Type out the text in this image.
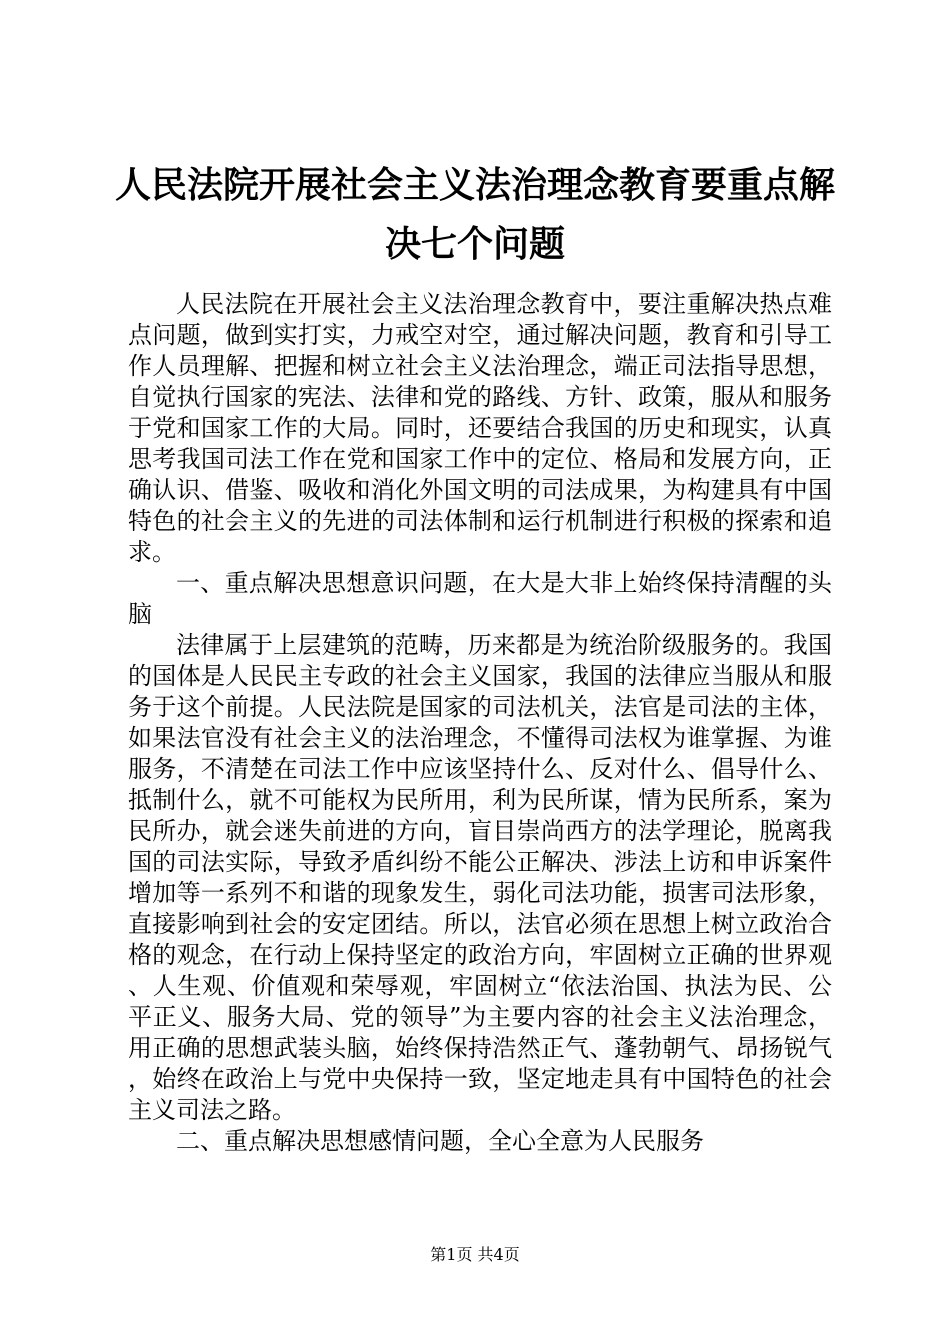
人民法院开展社会主义法治理念教育要重点解
决七个问题

人民法院在开展社会主义法治理念教育中，要注重解决热点难点问题，做到实打实，力戒空对空，通过解决问题，教育和引导工作人员理解、把握和树立社会主义法治理念，端正司法指导思想，自觉执行国家的宪法、法律和党的路线、方针、政策，服从和服务于党和国家工作的大局。同时，还要结合我国的历史和现实，认真思考我国司法工作在党和国家工作中的定位、格局和发展方向，正确认识、借鉴、吸收和消化外国文明的司法成果，为构建具有中国特色的社会主义的先进的司法体制和运行机制进行积极的探索和追求。

一、重点解决思想意识问题，在大是大非上始终保持清醒的头脑

法律属于上层建筑的范畴，历来都是为统治阶级服务的。我国的国体是人民民主专政的社会主义国家，我国的法律应当服从和服务于这个前提。人民法院是国家的司法机关，法官是司法的主体，如果法官没有社会主义的法治理念，不懂得司法权为谁掌握、为谁服务，不清楚在司法工作中应该坚持什么、反对什么、倡导什么、抵制什么，就不可能权为民所用，利为民所谋，情为民所系，案为民所办，就会迷失前进的方向，盲目崇尚西方的法学理论，脱离我国的司法实际，导致矛盾纠纷不能公正解决、涉法上访和申诉案件增加等一系列不和谐的现象发生，弱化司法功能，损害司法形象，直接影响到社会的安定团结。所以，法官必须在思想上树立政治合格的观念，在行动上保持坚定的政治方向，牢固树立正确的世界观、人生观、价值观和荣辱观，牢固树立“依法治国、执法为民、公平正义、服务大局、党的领导”为主要内容的社会主义法治理念，用正确的思想武装头脑，始终保持浩然正气、蓬勃朝气、昂扬锐气，始终在政治上与党中央保持一致，坚定地走具有中国特色的社会主义司法之路。

二、重点解决思想感情问题，全心全意为人民服务

第1页 共4页
